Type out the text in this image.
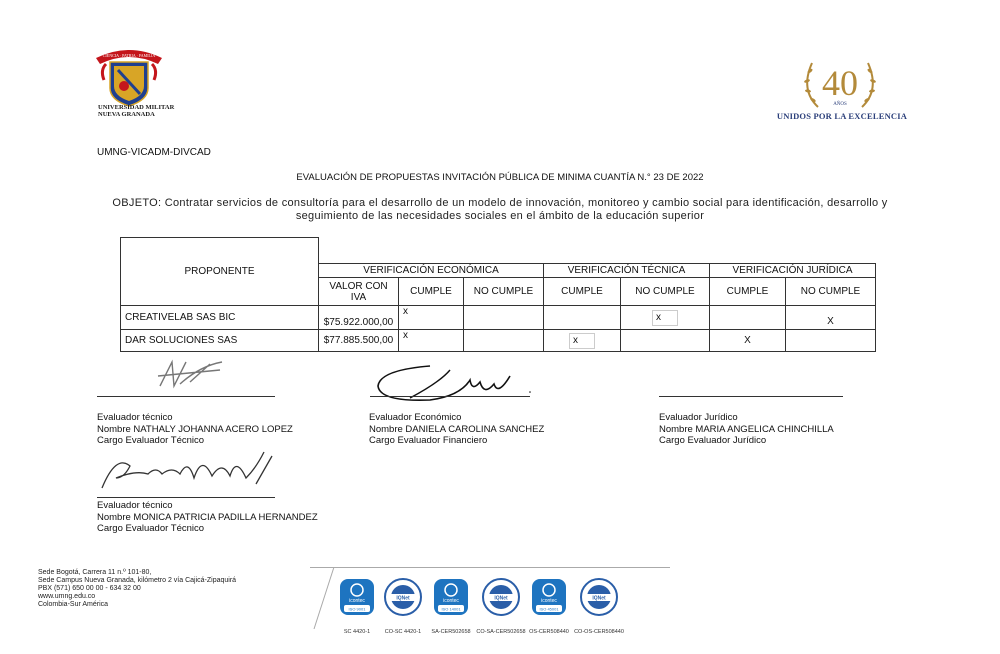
CIENCIA · PATRIA · FAMILIA
UNIVERSIDAD MILITAR
NUEVA GRANADA
40
AÑOS
UNIDOS POR LA EXCELENCIA
UMNG-VICADM-DIVCAD
EVALUACIÓN DE PROPUESTAS INVITACIÓN PÚBLICA DE MINIMA CUANTÍA N.° 23 DE 2022
OBJETO: Contratar servicios de consultoría para el desarrollo de un modelo de innovación, monitoreo y cambio social para identificación, desarrollo y seguimiento de las necesidades sociales en el ámbito de la educación superior
PROPONENTE							
	VERIFICACIÓN ECONÓMICA			VERIFICACIÓN TÉCNICA		VERIFICACIÓN JURÍDICA	
	VALOR CON IVA	CUMPLE	NO CUMPLE	CUMPLE	NO CUMPLE	CUMPLE	NO CUMPLE
CREATIVELAB SAS BIC	$75.922.000,00	x			x		X
DAR SOLUCIONES SAS	$77.885.500,00	x		x		X	
Evaluador técnico
Nombre NATHALY JOHANNA ACERO LOPEZ
Cargo Evaluador Técnico
Evaluador Económico
Nombre DANIELA CAROLINA SANCHEZ
Cargo Evaluador Financiero
Evaluador Jurídico
Nombre MARIA ANGELICA CHINCHILLA
Cargo Evaluador Jurídico
Evaluador técnico
Nombre MONICA PATRICIA PADILLA HERNANDEZ
Cargo Evaluador Técnico
Sede Bogotá, Carrera 11 n.º 101-80,
Sede Campus Nueva Granada, kilómetro 2 vía Cajicá-Zipaquirá
PBX (571) 650 00 00 - 634 32 00
www.umng.edu.co
Colombia-Sur América	icontec
ISO 9001
IQNet	icontec
ISO 14001
IQNet	icontec
ISO 45001
IQNet
SC 4420-1	CO-SC 4420-1	SA-CER502658	CO-SA-CER502658 OS-CER508440 CO-OS-CER508440
